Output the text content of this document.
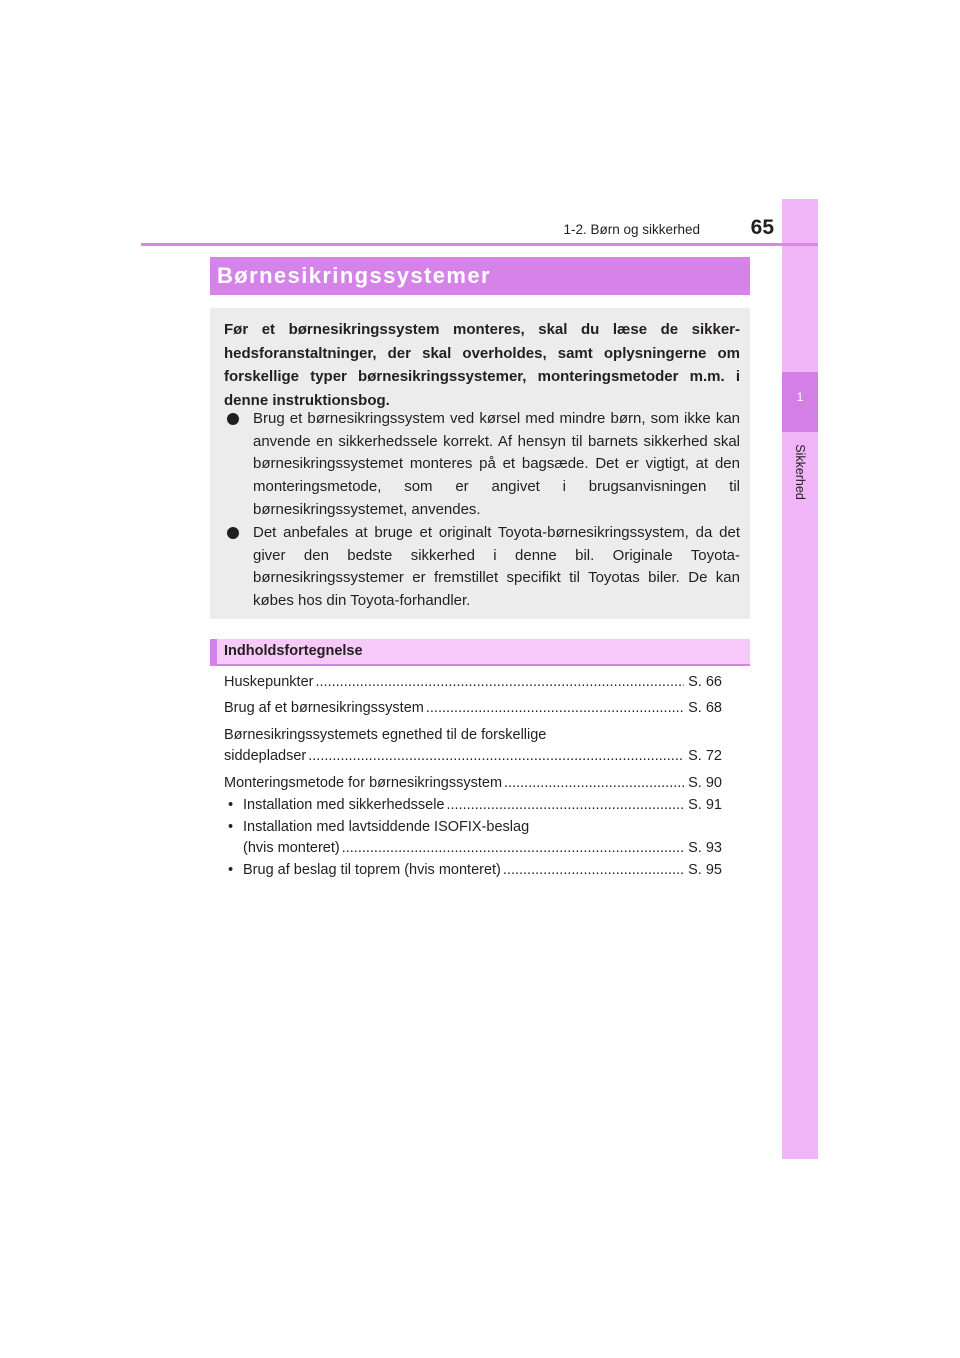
1
Sikkerhed
1-2. Børn og sikkerhed	65
Børnesikringssystemer

Før et børnesikringssystem monteres, skal du læse de sikkerhedsforanstaltninger, der skal overholdes, samt oplysningerne om forskellige typer børnesikringssystemer, monteringsmetoder m.m. i denne instruktionsbog.

Brug et børnesikringssystem ved kørsel med mindre børn, som ikke kan anvende en sikkerhedssele korrekt. Af hensyn til barnets sikkerhed skal børnesikringssystemet monteres på et bagsæde. Det er vigtigt, at den monteringsmetode, som er angivet i brugsanvisningen til børnesikringssystemet, anvendes.

Det anbefales at bruge et originalt Toyota-børnesikringssystem, da det giver den bedste sikkerhed i denne bil. Originale Toyota-børnesikringssystemer er fremstillet specifikt til Toyotas biler. De kan købes hos din Toyota-forhandler.

Indholdsfortegnelse
Huskepunkter .....	S. 66
Brug af et børnesikringssystem .....	S. 68
Børnesikringssystemets egnethed til de forskellige
siddepladser .....	S. 72
Monteringsmetode for børnesikringssystem .....	S. 90
• Installation med sikkerhedssele .....	S. 91
• Installation med lavtsiddende ISOFIX-beslag
(hvis monteret) .....	S. 93
• Brug af beslag til toprem (hvis monteret) .....	S. 95
